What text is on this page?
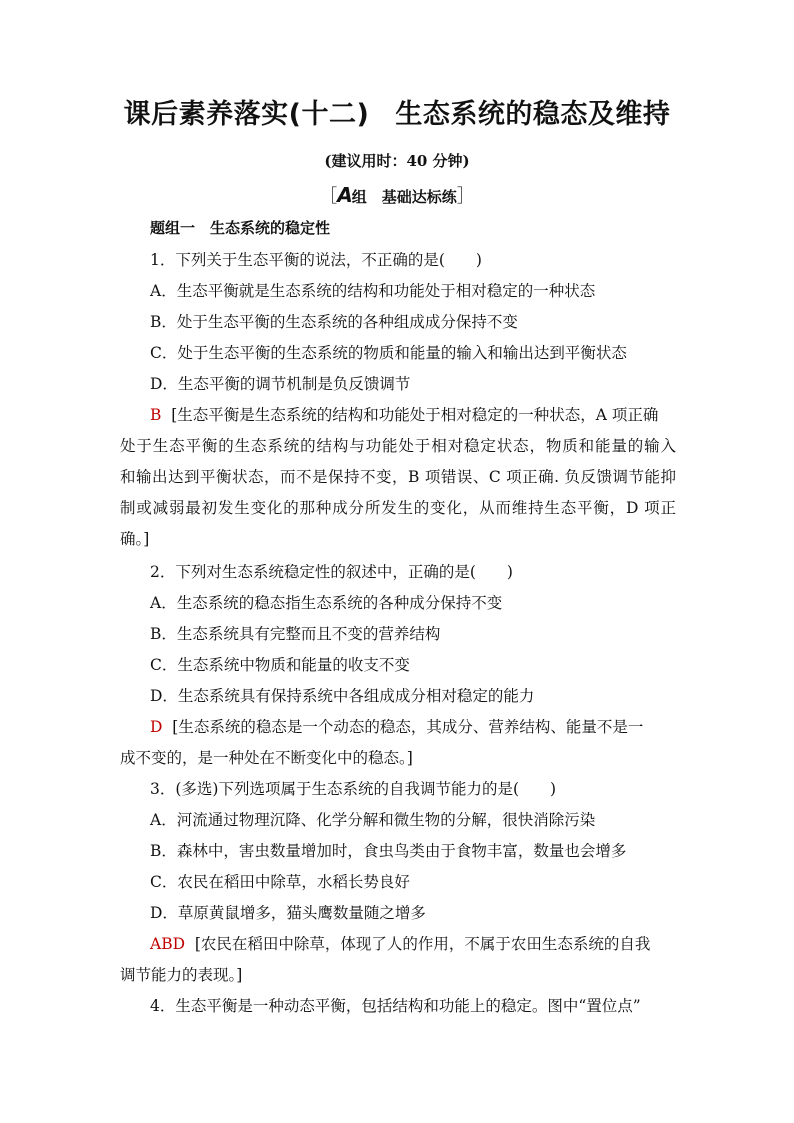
课后素养落实(十二) 生态系统的稳态及维持
(建议用时：40 分钟)
［A组　基础达标练］
题组一　生态系统的稳定性
1．下列关于生态平衡的说法，不正确的是(　　)
A．生态平衡就是生态系统的结构和功能处于相对稳定的一种状态
B．处于生态平衡的生态系统的各种组成成分保持不变
C．处于生态平衡的生态系统的物质和能量的输入和输出达到平衡状态
D．生态平衡的调节机制是负反馈调节
B [生态平衡是生态系统的结构和功能处于相对稳定的一种状态，A 项正确
处于生态平衡的生态系统的结构与功能处于相对稳定状态，物质和能量的输入
和输出达到平衡状态，而不是保持不变，B 项错误、C 项正确. 负反馈调节能抑
制或减弱最初发生变化的那种成分所发生的变化，从而维持生态平衡，D 项正
确。]
2．下列对生态系统稳定性的叙述中，正确的是(　　)
A．生态系统的稳态指生态系统的各种成分保持不变
B．生态系统具有完整而且不变的营养结构
C．生态系统中物质和能量的收支不变
D．生态系统具有保持系统中各组成成分相对稳定的能力
D [生态系统的稳态是一个动态的稳态，其成分、营养结构、能量不是一
成不变的，是一种处在不断变化中的稳态。]
3．(多选)下列选项属于生态系统的自我调节能力的是(　　)
A．河流通过物理沉降、化学分解和微生物的分解，很快消除污染
B．森林中，害虫数量增加时，食虫鸟类由于食物丰富，数量也会增多
C．农民在稻田中除草，水稻长势良好
D．草原黄鼠增多，猫头鹰数量随之增多
ABD [农民在稻田中除草，体现了人的作用，不属于农田生态系统的自我
调节能力的表现。]
4．生态平衡是一种动态平衡，包括结构和功能上的稳定。图中“置位点”
